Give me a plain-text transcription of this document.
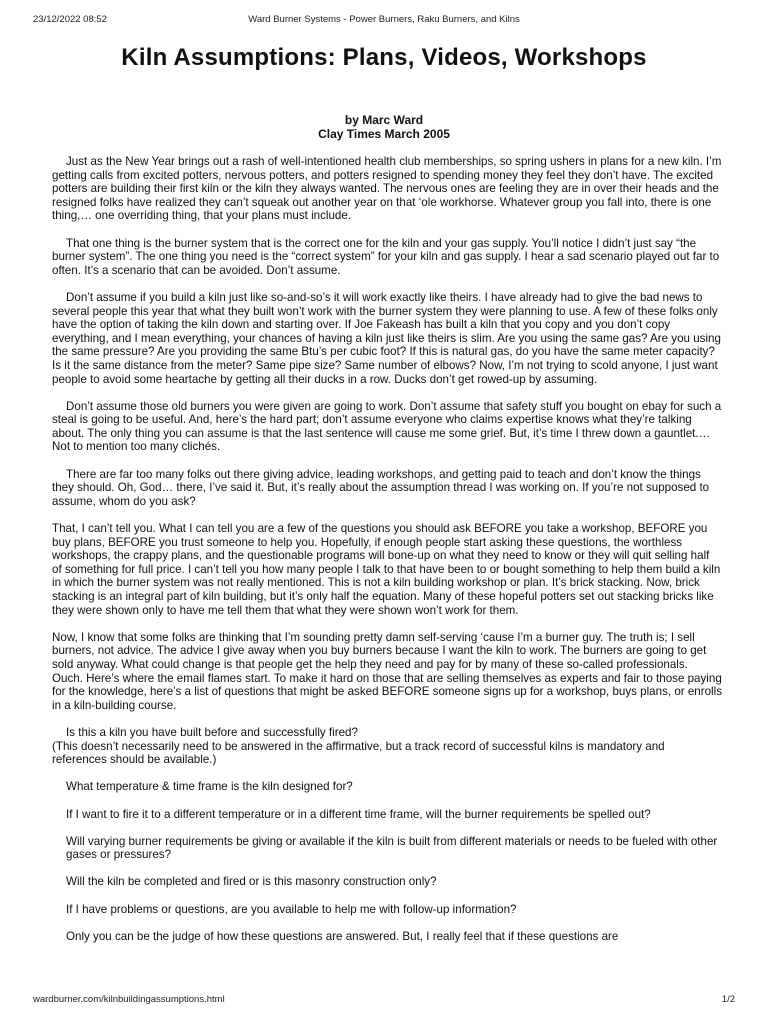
23/12/2022 08:52	Ward Burner Systems - Power Burners, Raku Burners, and Kilns
Kiln Assumptions: Plans, Videos, Workshops
by Marc Ward
Clay Times March 2005

Just as the New Year brings out a rash of well-intentioned health club memberships, so spring ushers in plans for a new kiln. I’m getting calls from excited potters, nervous potters, and potters resigned to spending money they feel they don’t have. The excited potters are building their first kiln or the kiln they always wanted. The nervous ones are feeling they are in over their heads and the resigned folks have realized they can’t squeak out another year on that ‘ole workhorse. Whatever group you fall into, there is one thing,… one overriding thing, that your plans must include.

That one thing is the burner system that is the correct one for the kiln and your gas supply. You’ll notice I didn’t just say “the burner system”. The one thing you need is the “correct system” for your kiln and gas supply. I hear a sad scenario played out far to often. It’s a scenario that can be avoided. Don’t assume.

Don’t assume if you build a kiln just like so-and-so’s it will work exactly like theirs. I have already had to give the bad news to several people this year that what they built won’t work with the burner system they were planning to use. A few of these folks only have the option of taking the kiln down and starting over. If Joe Fakeash has built a kiln that you copy and you don’t copy everything, and I mean everything, your chances of having a kiln just like theirs is slim. Are you using the same gas? Are you using the same pressure? Are you providing the same Btu’s per cubic foot? If this is natural gas, do you have the same meter capacity? Is it the same distance from the meter? Same pipe size? Same number of elbows? Now, I’m not trying to scold anyone, I just want people to avoid some heartache by getting all their ducks in a row. Ducks don’t get rowed-up by assuming.

Don’t assume those old burners you were given are going to work. Don’t assume that safety stuff you bought on ebay for such a steal is going to be useful. And, here’s the hard part; don’t assume everyone who claims expertise knows what they’re talking about. The only thing you can assume is that the last sentence will cause me some grief. But, it’s time I threw down a gauntlet.… Not to mention too many clichés.

There are far too many folks out there giving advice, leading workshops, and getting paid to teach and don’t know the things they should. Oh, God… there, I’ve said it. But, it’s really about the assumption thread I was working on. If you’re not supposed to assume, whom do you ask?

That, I can’t tell you. What I can tell you are a few of the questions you should ask BEFORE you take a workshop, BEFORE you buy plans, BEFORE you trust someone to help you. Hopefully, if enough people start asking these questions, the worthless workshops, the crappy plans, and the questionable programs will bone-up on what they need to know or they will quit selling half of something for full price. I can’t tell you how many people I talk to that have been to or bought something to help them build a kiln in which the burner system was not really mentioned. This is not a kiln building workshop or plan. It’s brick stacking. Now, brick stacking is an integral part of kiln building, but it’s only half the equation. Many of these hopeful potters set out stacking bricks like they were shown only to have me tell them that what they were shown won’t work for them.

Now, I know that some folks are thinking that I’m sounding pretty damn self-serving ‘cause I’m a burner guy. The truth is; I sell burners, not advice. The advice I give away when you buy burners because I want the kiln to work. The burners are going to get sold anyway. What could change is that people get the help they need and pay for by many of these so-called professionals. Ouch. Here’s where the email flames start. To make it hard on those that are selling themselves as experts and fair to those paying for the knowledge, here’s a list of questions that might be asked BEFORE someone signs up for a workshop, buys plans, or enrolls in a kiln-building course.

Is this a kiln you have built before and successfully fired?

(This doesn’t necessarily need to be answered in the affirmative, but a track record of successful kilns is mandatory and references should be available.)

What temperature & time frame is the kiln designed for?

If I want to fire it to a different temperature or in a different time frame, will the burner requirements be spelled out?

Will varying burner requirements be giving or available if the kiln is built from different materials or needs to be fueled with other gases or pressures?

Will the kiln be completed and fired or is this masonry construction only?

If I have problems or questions, are you available to help me with follow-up information?

Only you can be the judge of how these questions are answered. But, I really feel that if these questions are

wardburner.com/kilnbuildingassumptions.html	1/2
